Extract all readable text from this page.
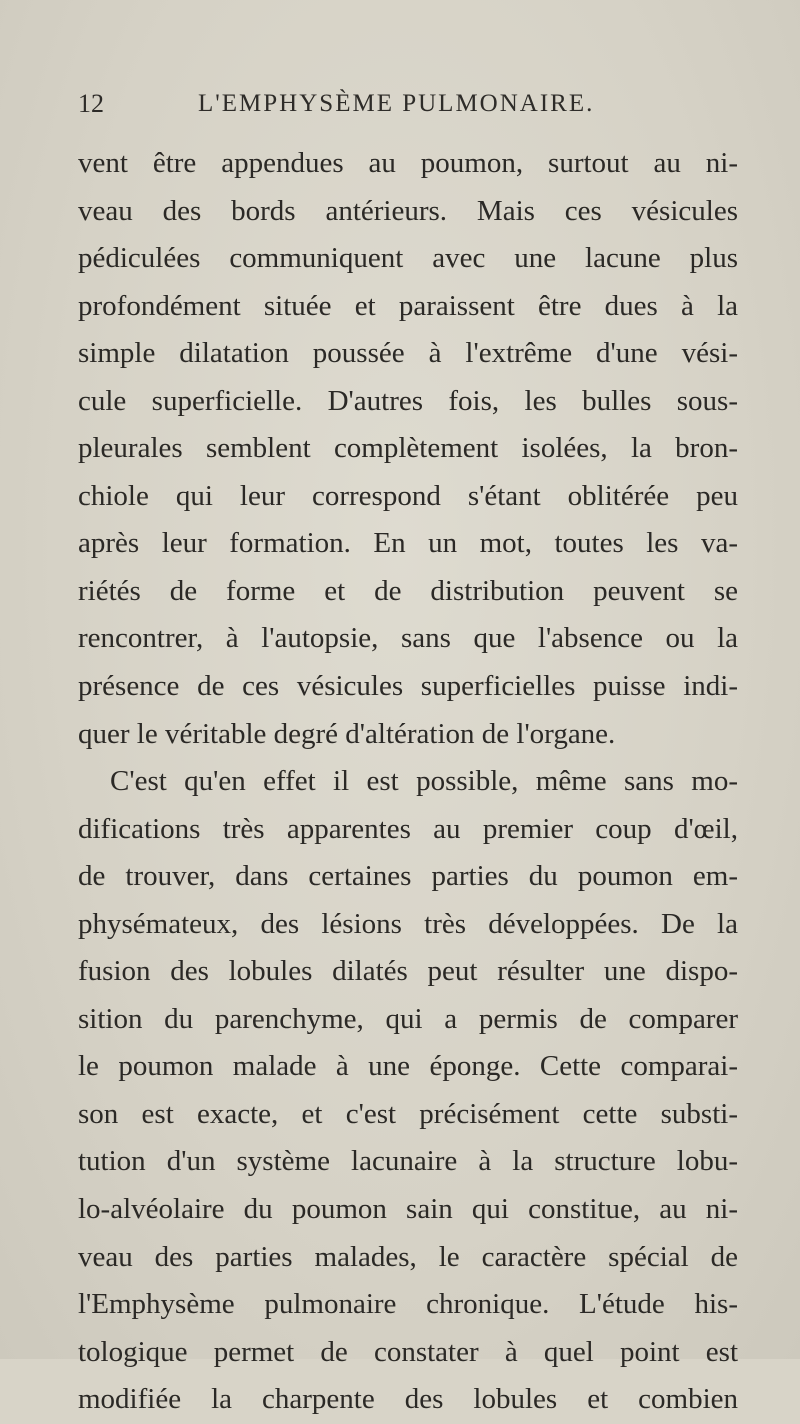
12	L'EMPHYSÈME PULMONAIRE.
vent être appendues au poumon, surtout au ni-
veau des bords antérieurs. Mais ces vésicules
pédiculées communiquent avec une lacune plus
profondément située et paraissent être dues à la
simple dilatation poussée à l'extrême d'une vési-
cule superficielle. D'autres fois, les bulles sous-
pleurales semblent complètement isolées, la bron-
chiole qui leur correspond s'étant oblitérée peu
après leur formation. En un mot, toutes les va-
riétés de forme et de distribution peuvent se
rencontrer, à l'autopsie, sans que l'absence ou la
présence de ces vésicules superficielles puisse indi-
quer le véritable degré d'altération de l'organe.
C'est qu'en effet il est possible, même sans mo-
difications très apparentes au premier coup d'œil,
de trouver, dans certaines parties du poumon em-
physémateux, des lésions très développées. De la
fusion des lobules dilatés peut résulter une dispo-
sition du parenchyme, qui a permis de comparer
le poumon malade à une éponge. Cette comparai-
son est exacte, et c'est précisément cette substi-
tution d'un système lacunaire à la structure lobu-
lo-alvéolaire du poumon sain qui constitue, au ni-
veau des parties malades, le caractère spécial de
l'Emphysème pulmonaire chronique. L'étude his-
tologique permet de constater à quel point est
modifiée la charpente des lobules et combien
